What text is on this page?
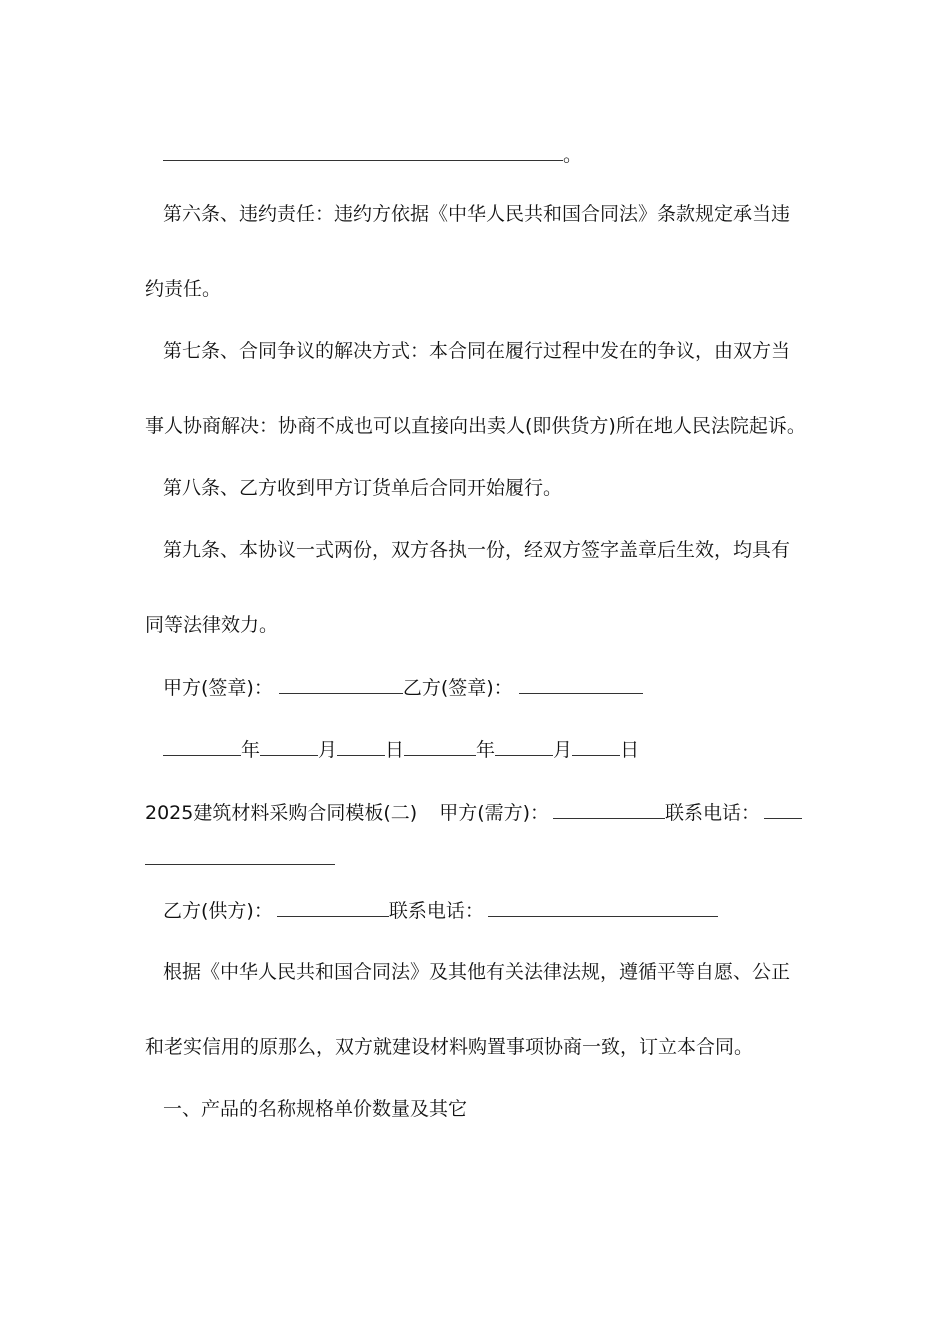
。
第六条、违约责任：违约方依据《中华人民共和国合同法》条款规定承当违
约责任。
第七条、合同争议的解决方式：本合同在履行过程中发在的争议，由双方当
事人协商解决：协商不成也可以直接向出卖人(即供货方)所在地人民法院起诉。
第八条、乙方收到甲方订货单后合同开始履行。
第九条、本协议一式两份，双方各执一份，经双方签字盖章后生效，均具有
同等法律效力。
甲方(签章)：	乙方(签章)：
年	月	日	年	月	日
2025建筑材料采购合同模板(二) 甲方(需方)：	联系电话：
乙方(供方)：	联系电话：
根据《中华人民共和国合同法》及其他有关法律法规，遵循平等自愿、公正
和老实信用的原那么，双方就建设材料购置事项协商一致，订立本合同。
一、产品的名称规格单价数量及其它
